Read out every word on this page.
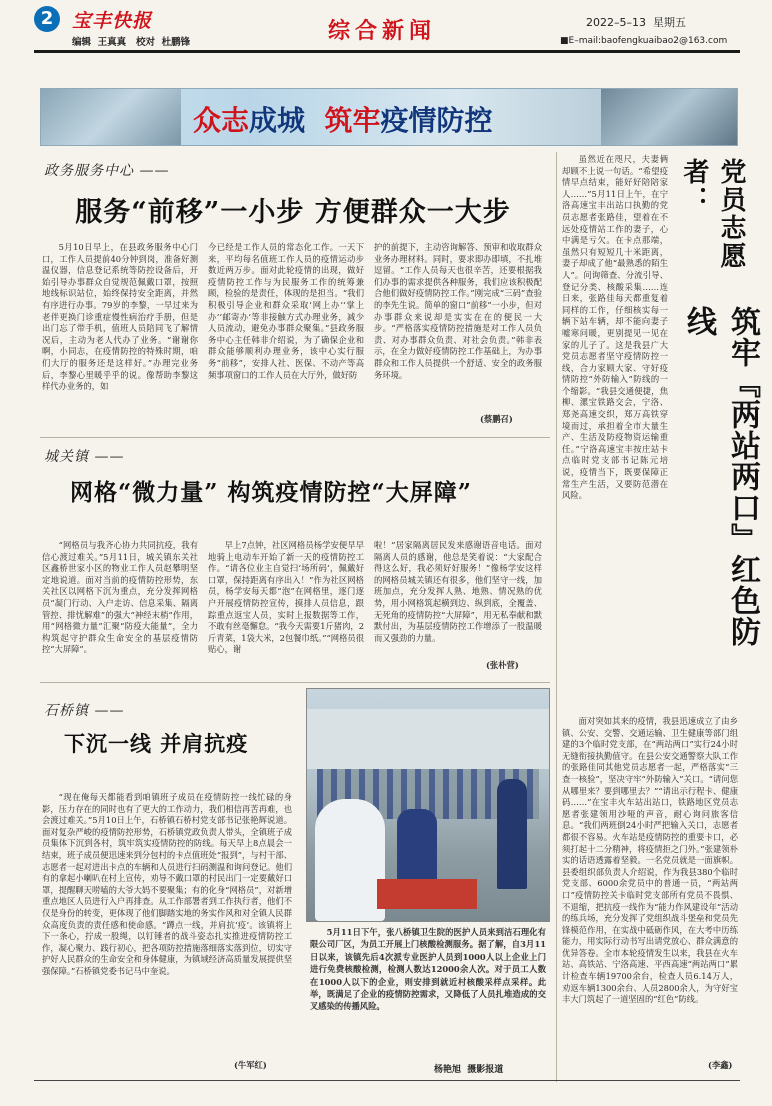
2 宝丰快报
编辑  王真真   校对  杜鹏锋	综合新闻	2022–5–13 星期五
■E–mail:baofengkuaibao2@163.com
众志成城 筑牢疫情防控
政务服务中心 ——
服务“前移”一小步 方便群众一大步

5月10日早上，在县政务服务中心门口，工作人员提前40分钟到岗，准备好测温仪器，信息登记系统等防控设备后，开始引导办事群众自觉规范佩戴口罩，按照地线标识站位，始终保持安全距离，并然有序进行办事。79岁的李黎，一早过来为老伴更换门诊重症慢性病治疗手册，但是出门忘了带手机，值班人员陪同飞了解情况后，主动为老人代办了业务。“谢谢你啊，小同志，在疫情防控的特殊时期，咱们大厅的服务还是这样好。”办理完业务后，李黎心里暖乎乎的说。像帮助李黎这样代办业务的，如

今已经是工作人员的常态化工作。一天下来，平均每名值班工作人员的疫情运动步数近两万步。面对此轮疫情的出现，做好疫情防控工作与为民服务工作的统筹兼顾，检验的是责任，体现的是担当。“我们积极引导企业和群众采取‘网上办’‘掌上办’‘邮寄办’等非接触方式办理业务，减少人员流动，避免办事群众聚集。”县政务服务中心主任韩非介绍说，为了确保企业和群众能够顺利办理业务，该中心实行服务“前移”，安排人社、医保、不动产等高频事项窗口的工作人员在大厅外，做好防

护的前提下，主动咨询解答、预审和收取群众业务办理材料。同时，要求即办即填，不扎堆逗留。“工作人员每天也很辛苦，还要根据我们办事的需求提供各种服务，我们应该积极配合他们做好疫情防控工作。”刚完成“三码”查验的李先生说。简单的窗口“前移”一小步，但对办事群众来说却是实实在在的便民一大步。“严格落实疫情防控措施是对工作人员负责、对办事群众负责、对社会负责。”韩非表示，在全力做好疫情防控工作基础上，为办事群众和工作人员提供一个舒适、安全的政务服务环境。

(蔡鹏召)
城关镇 ——
网格“微力量” 构筑疫情防控“大屏障”

“网格员与我齐心协力共同抗疫，我有信心渡过难关。”5月11日，城关镇东关社区鑫桥世家小区的物业工作人员赵攀明坚定地说道。面对当前的疫情防控形势，东关社区以网格下沉为重点，充分发挥网格员“凝门行动、入户走访、信息采集、隔离管控、排忧解难”的强大“神经末梢”作用，用“网格微力量”汇聚“防疫大能量”，全力构筑起守护群众生命安全的基层疫情防控“大屏障”。

早上7点钟，社区网格员杨学安便早早地骑上电动车开始了新一天的疫情防控工作。“请各位业主自觉扫‘场所码’，佩戴好口罩，保持距离有序出入！”作为社区网格员，杨学安每天都“泡”在网格里，逐门逐户开展疫情防控宣传，摸排人员信息，跟踪重点返宝人员，实时上报数据等工作，不敢有丝毫懈怠。“我今天需要1斤猪肉，2斤青菜，1袋大米，2包餐巾纸。”“网格员很贴心，谢

啦！”居家隔离居民发来感谢语音电话。面对隔离人员的感谢，他总是笑着说：“大家配合得这么好，我必须好好服务！”像杨学安这样的网格员城关镇还有很多，他们坚守一线，加班加点，充分发挥人熟、地熟、情况熟的优势，用小网格筑起横到边、纵到底，全覆盖、无死角的疫情防控“大屏障”，用无私奉献和默默付出，为基层疫情防控工作增添了一股温暖而又强劲的力量。

(张朴营)
石桥镇 ——
下沉一线 并肩抗疫

“现在俺每天都能看到咱镇班子成员在疫情防控一线忙碌的身影，压力存在的同时也有了更大的工作动力，我们相信再苦再难，也会渡过难关。”5月10日上午，石桥镇石桥村党支部书记张艳辉说道。面对复杂严峻的疫情防控形势，石桥镇党政负责人带头，全镇班子成员集体下沉到各村，筑牢筑实疫情防控的防线。每天早上8点晨会一结束，班子成员便迅速来到分包村的卡点值班处“报到”，与村干部、志愿者一起对进出卡点的车辆和人员进行扫码测温和询问登记。他们有的拿起小喇叭在村上宣传，劝导不戴口罩的村民出门一定要戴好口罩，提醒聊天唠嗑的大爷大妈不要聚集；有的化身“网格员”，对新增重点地区人员进行入户再排查。从工作部署者到工作执行者，他们不仅是身份的转变，更体现了他们脚踏实地的务实作风和对全镇人民群众高度负责的责任感和使命感。“蹲点一线，并肩抗‘疫’。该镇将上下一条心，拧成一股绳，以钉锤者的战斗姿态扎实推进疫情防控工作，凝心聚力、践行初心，把各项防控措施落细落实落到位，切实守护好人民群众的生命安全和身体健康，为镇域经济高质量发展提供坚强保障。”石桥镇党委书记马中奎说。

(牛军红)

5月11日下午，张八桥镇卫生院的医护人员来到洁石理化有限公司厂区，为员工开展上门核酸检测服务。据了解，自3月11日以来，该镇先后4次派专业医护人员到1000人以上企业上门进行免费核酸检测，检测人数达12000余人次。对于员工人数在1000人以下的企业，则安排到就近村核酸采样点采样。此举，既满足了企业的疫情防控需求，又降低了人员扎堆造成的交叉感染的传播风险。

杨艳旭  摄影报道
党员志愿者：
筑牢『两站两口』红色防线

虽然近在咫尺，夫妻俩却顾不上说一句话。“希望疫情早点结束，能好好陪陪家人……”5月11日上午，在宁洛高速宝丰出站口执勤的党员志愿者张路佳，望着在不远处疫情站工作的妻子，心中满是亏欠。在卡点那端，虽然只有短短几十米距离，妻子却成了他“最熟悉的陌生人”。问询筛查、分流引导、登记分类、核酸采集……连日来，张路佳每天都重复着同样的工作，仔细核实每一辆下站车辆，却不能向妻子嘘寒问暖，更别提见一见在家的儿子了。这是我县广大党员志愿者坚守疫情防控一线，合力家顾大家、守好疫情防控“外防输入”防线的一个缩影。“我县交通便捷，焦柳、漯宝铁路交会，宁洛、郑尧高速交织，郑万高铁穿境而过，承担着全市大量生产、生活及防疫物资运输重任。”宁洛高速宝丰按庄站卡点临时党支部书记陈元培说，疫情当下，既要保障正常生产生活，又要防范潜在风险。

面对突如其来的疫情，我县迅速成立了由乡镇、公安、交警、交通运输、卫生健康等部门组建的3个临时党支部，在“两站两口”实行24小时无缝衔接执勤值守。在县公安交通警察大队工作的张路佳同其他党员志愿者一起，严格落实“三查一核验”，坚决守牢“外防输入”关口。“请问您从哪里来？要到哪里去？”“请出示行程卡、健康码……”在宝丰火车站出站口，铁路地区党员志愿者张建领用沙哑的声音，耐心询问旅客信息。“我们两班倒24小时严把输入关口，志愿者都很不容易。火车站是疫情防控的重要卡口，必须打起十二分精神，将疫情拒之门外。”张建领朴实的话语透露着坚毅。一名党员就是一面旗帜。县委组织部负责人介绍说，作为我县380个临时党支部、6000余党员中的普通一员，“两站两口”疫情防控关卡临时党支部所有党员不畏惧、不退缩，把抗疫一线作为“能力作风建设年”活动的练兵场，充分发挥了党组织战斗堡垒和党员先锋模范作用，在实战中砥砺作风，在大考中历练能力，用实际行动书写出请党放心、群众满意的优异答卷。全市本轮疫情发生以来，我县在火车站、高铁站、宁洛高速、平西高速“两站两口”累计检查车辆19700余台，检查人员6.14万人，劝返车辆1300余台、人员2800余人，为守好宝丰大门筑起了一道坚固的“红色”防线。

(李鑫)
